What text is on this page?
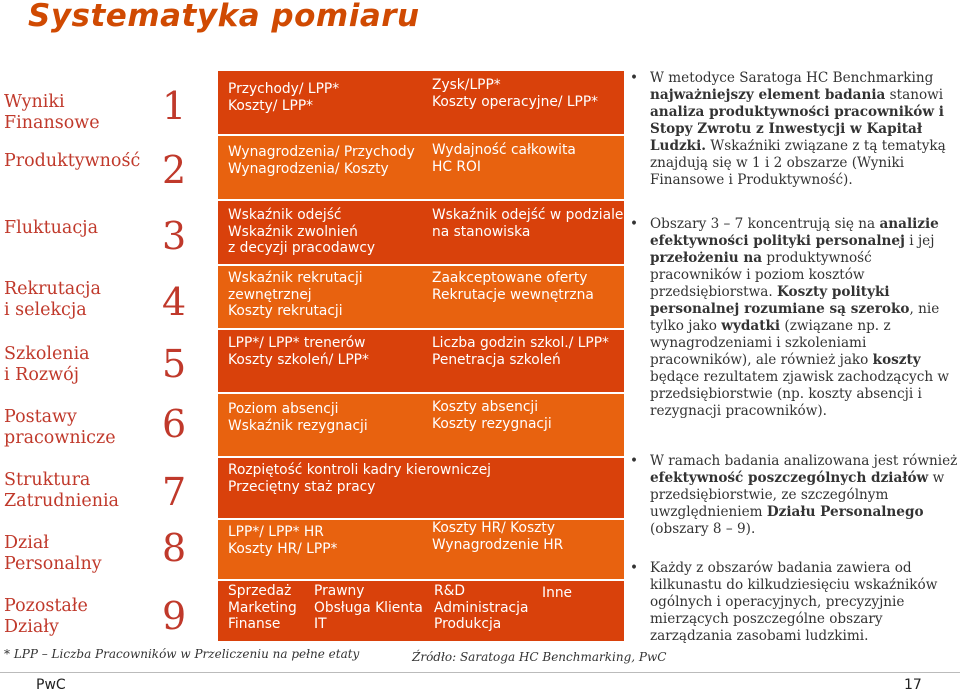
Systematyka pomiaru
Wyniki
Finansowe
Produktywność
Fluktuacja
Rekrutacja
i selekcja
Szkolenia
i Rozwój
Postawy
pracownicze
Struktura
Zatrudnienia
Dział
Personalny
Pozostałe
Działy
1
2
3
4
5
6
7
8
9
Przychody/ LPP*
Koszty/ LPP*
Zysk/LPP*
Koszty operacyjne/ LPP*
Wynagrodzenia/ Przychody
Wynagrodzenia/ Koszty
Wydajność całkowita
HC ROI
Wskaźnik odejść
Wskaźnik zwolnień
z decyzji pracodawcy
Wskaźnik odejść w podziale
na stanowiska
Wskaźnik rekrutacji
zewnętrznej
Koszty rekrutacji
Zaakceptowane oferty
Rekrutacje wewnętrzna
LPP*/ LPP* trenerów
Koszty szkoleń/ LPP*
Liczba godzin szkol./ LPP*
Penetracja szkoleń
Poziom absencji
Wskaźnik rezygnacji
Koszty absencji
Koszty rezygnacji
Rozpiętość kontroli kadry kierowniczej
Przeciętny staż pracy
LPP*/ LPP* HR
Koszty HR/ LPP*
Koszty HR/ Koszty
Wynagrodzenie HR
Sprzedaż
Marketing
Finanse
Prawny
Obsługa Klienta
IT
R&D
Administracja
Produkcja
Inne
* LPP – Liczba Pracowników w Przeliczeniu na pełne etaty	Źródło: Saratoga HC Benchmarking, PwC
• W metodyce Saratoga HC Benchmarking najważniejszy element badania stanowi analiza produktywności pracowników i Stopy Zwrotu z Inwestycji w Kapitał Ludzki. Wskaźniki związane z tą tematyką znajdują się w 1 i 2 obszarze (Wyniki Finansowe i Produktywność).
• Obszary 3 – 7 koncentrują się na analizie efektywności polityki personalnej i jej przełożeniu na produktywność pracowników i poziom kosztów przedsiębiorstwa. Koszty polityki personalnej rozumiane są szeroko, nie tylko jako wydatki (związane np. z wynagrodzeniami i szkoleniami pracowników), ale również jako koszty będące rezultatem zjawisk zachodzących w przedsiębiorstwie (np. koszty absencji i rezygnacji pracowników).
• W ramach badania analizowana jest również efektywność poszczególnych działów w przedsiębiorstwie, ze szczególnym uwzględnieniem Działu Personalnego (obszary 8 – 9).
• Każdy z obszarów badania zawiera od kilkunastu do kilkudziesięciu wskaźników ogólnych i operacyjnych, precyzyjnie mierzących poszczególne obszary zarządzania zasobami ludzkimi.
PwC	17
